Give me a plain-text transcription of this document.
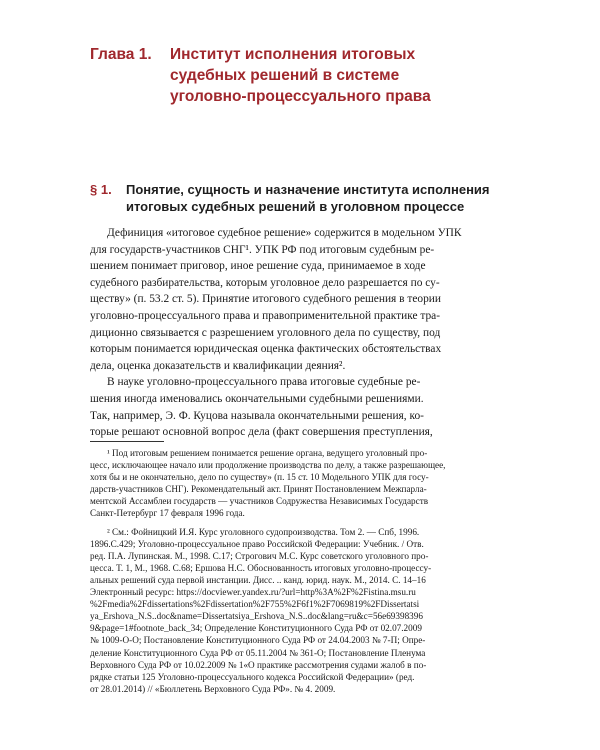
Глава 1. Институт исполнения итоговых
судебных решений в системе
уголовно-процессуального права
§ 1. Понятие, сущность и назначение института исполнения
итоговых судебных решений в уголовном процессе
Дефиниция «итоговое судебное решение» содержится в модельном УПК
для государств-участников СНГ¹. УПК РФ под итоговым судебным ре-
шением понимает приговор, иное решение суда, принимаемое в ходе
судебного разбирательства, которым уголовное дело разрешается по су-
ществу» (п. 53.2 ст. 5). Принятие итогового судебного решения в теории
уголовно-процессуального права и правоприменительной практике тра-
диционно связывается с разрешением уголовного дела по существу, под
которым понимается юридическая оценка фактических обстоятельствах
дела, оценка доказательств и квалификации деяния².
В науке уголовно-процессуального права итоговые судебные ре-
шения иногда именовались окончательными судебными решениями.
Так, например, Э. Ф. Куцова называла окончательными решения, ко-
торые решают основной вопрос дела (факт совершения преступления,
¹ Под итоговым решением понимается решение органа, ведущего уголовный про-
цесс, исключающее начало или продолжение производства по делу, а также разрешающее,
хотя бы и не окончательно, дело по существу» (п. 15 ст. 10 Модельного УПК для госу-
дарств-участников СНГ). Рекомендательный акт. Принят Постановлением Межпарла-
ментской Ассамблеи государств — участников Содружества Независимых Государств
Санкт-Петербург 17 февраля 1996 года.
² См.: Фойницкий И.Я. Курс уголовного судопроизводства. Том 2. — Спб, 1996.
1896.С.429; Уголовно-процессуальное право Российской Федерации: Учебник. / Отв.
ред. П.А. Лупинская. М., 1998. С.17; Строгович М.С. Курс советского уголовного про-
цесса. Т. 1, М., 1968. С.68; Ершова Н.С. Обоснованность итоговых уголовно-процессу-
альных решений суда первой инстанции. Дисс. .. канд. юрид. наук. М., 2014. С. 14–16
Электронный ресурс: https://docviewer.yandex.ru/?url=http%3A%2F%2Fistina.msu.ru
%2Fmedia%2Fdissertations%2Fdissertation%2F755%2F6f1%2F7069819%2FDissertatsi
ya_Ershova_N.S..doc&name=Dissertatsiya_Ershova_N.S..doc&lang=ru&c=56e69398396
9&page=1#footnote_back_34; Определение Конституционного Суда РФ от 02.07.2009
№ 1009-О-О; Постановление Конституционного Суда РФ от 24.04.2003 № 7-П; Опре-
деление Конституционного Суда РФ от 05.11.2004 № 361-О; Постановление Пленума
Верховного Суда РФ от 10.02.2009 № 1«О практике рассмотрения судами жалоб в по-
рядке статьи 125 Уголовно-процессуального кодекса Российской Федерации» (ред.
от 28.01.2014) // «Бюллетень Верховного Суда РФ». № 4. 2009.
